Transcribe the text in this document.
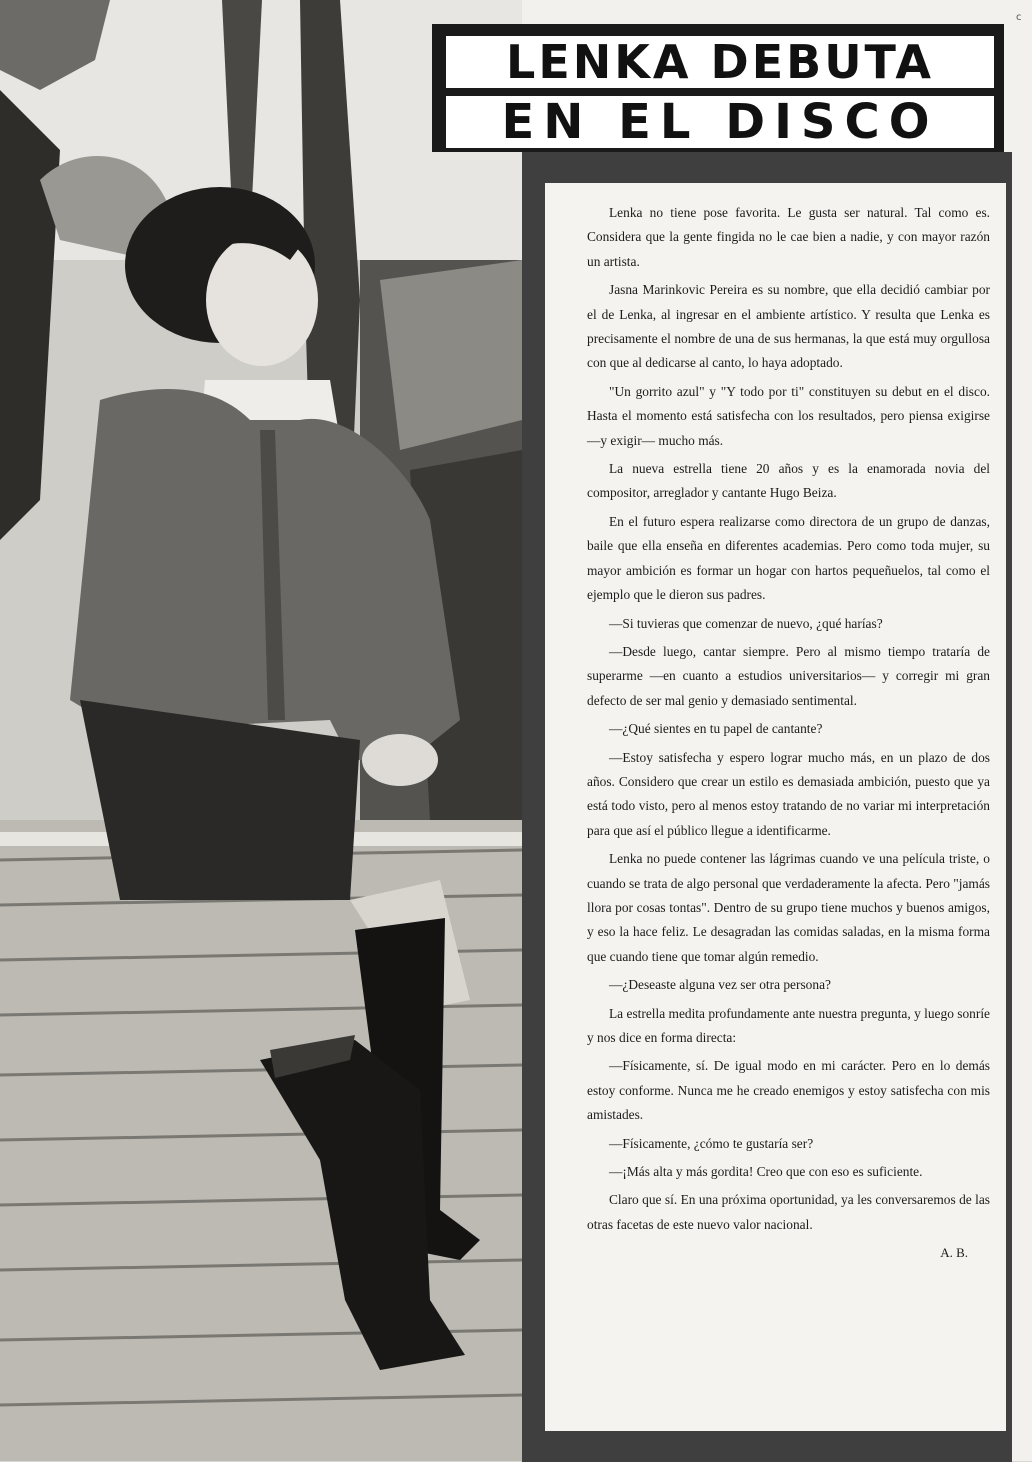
LENKA DEBUTA
EN EL DISCO
c

Lenka no tiene pose favorita. Le gusta ser natural. Tal como es. Considera que la gente fingida no le cae bien a nadie, y con mayor razón un artista.

Jasna Marinkovic Pereira es su nombre, que ella decidió cambiar por el de Lenka, al ingresar en el ambiente artístico. Y resulta que Lenka es precisamente el nombre de una de sus hermanas, la que está muy orgullosa con que al dedicarse al canto, lo haya adoptado.

"Un gorrito azul" y "Y todo por ti" constituyen su debut en el disco. Hasta el momento está satisfecha con los resultados, pero piensa exigirse —y exigir— mucho más.

La nueva estrella tiene 20 años y es la enamorada novia del compositor, arreglador y cantante Hugo Beiza.

En el futuro espera realizarse como directora de un grupo de danzas, baile que ella enseña en diferentes academias. Pero como toda mujer, su mayor ambición es formar un hogar con hartos pequeñuelos, tal como el ejemplo que le dieron sus padres.

—Si tuvieras que comenzar de nuevo, ¿qué harías?

—Desde luego, cantar siempre. Pero al mismo tiempo trataría de superarme —en cuanto a estudios universitarios— y corregir mi gran defecto de ser mal genio y demasiado sentimental.

—¿Qué sientes en tu papel de cantante?

—Estoy satisfecha y espero lograr mucho más, en un plazo de dos años. Considero que crear un estilo es demasiada ambición, puesto que ya está todo visto, pero al menos estoy tratando de no variar mi interpretación para que así el público llegue a identificarme.

Lenka no puede contener las lágrimas cuando ve una película triste, o cuando se trata de algo personal que verdaderamente la afecta. Pero "jamás llora por cosas tontas". Dentro de su grupo tiene muchos y buenos amigos, y eso la hace feliz. Le desagradan las comidas saladas, en la misma forma que cuando tiene que tomar algún remedio.

—¿Deseaste alguna vez ser otra persona?

La estrella medita profundamente ante nuestra pregunta, y luego sonríe y nos dice en forma directa:

—Físicamente, sí. De igual modo en mi carácter. Pero en lo demás estoy conforme. Nunca me he creado enemigos y estoy satisfecha con mis amistades.

—Físicamente, ¿cómo te gustaría ser?

—¡Más alta y más gordita! Creo que con eso es suficiente.

Claro que sí. En una próxima oportunidad, ya les conversaremos de las otras facetas de este nuevo valor nacional.

A. B.
